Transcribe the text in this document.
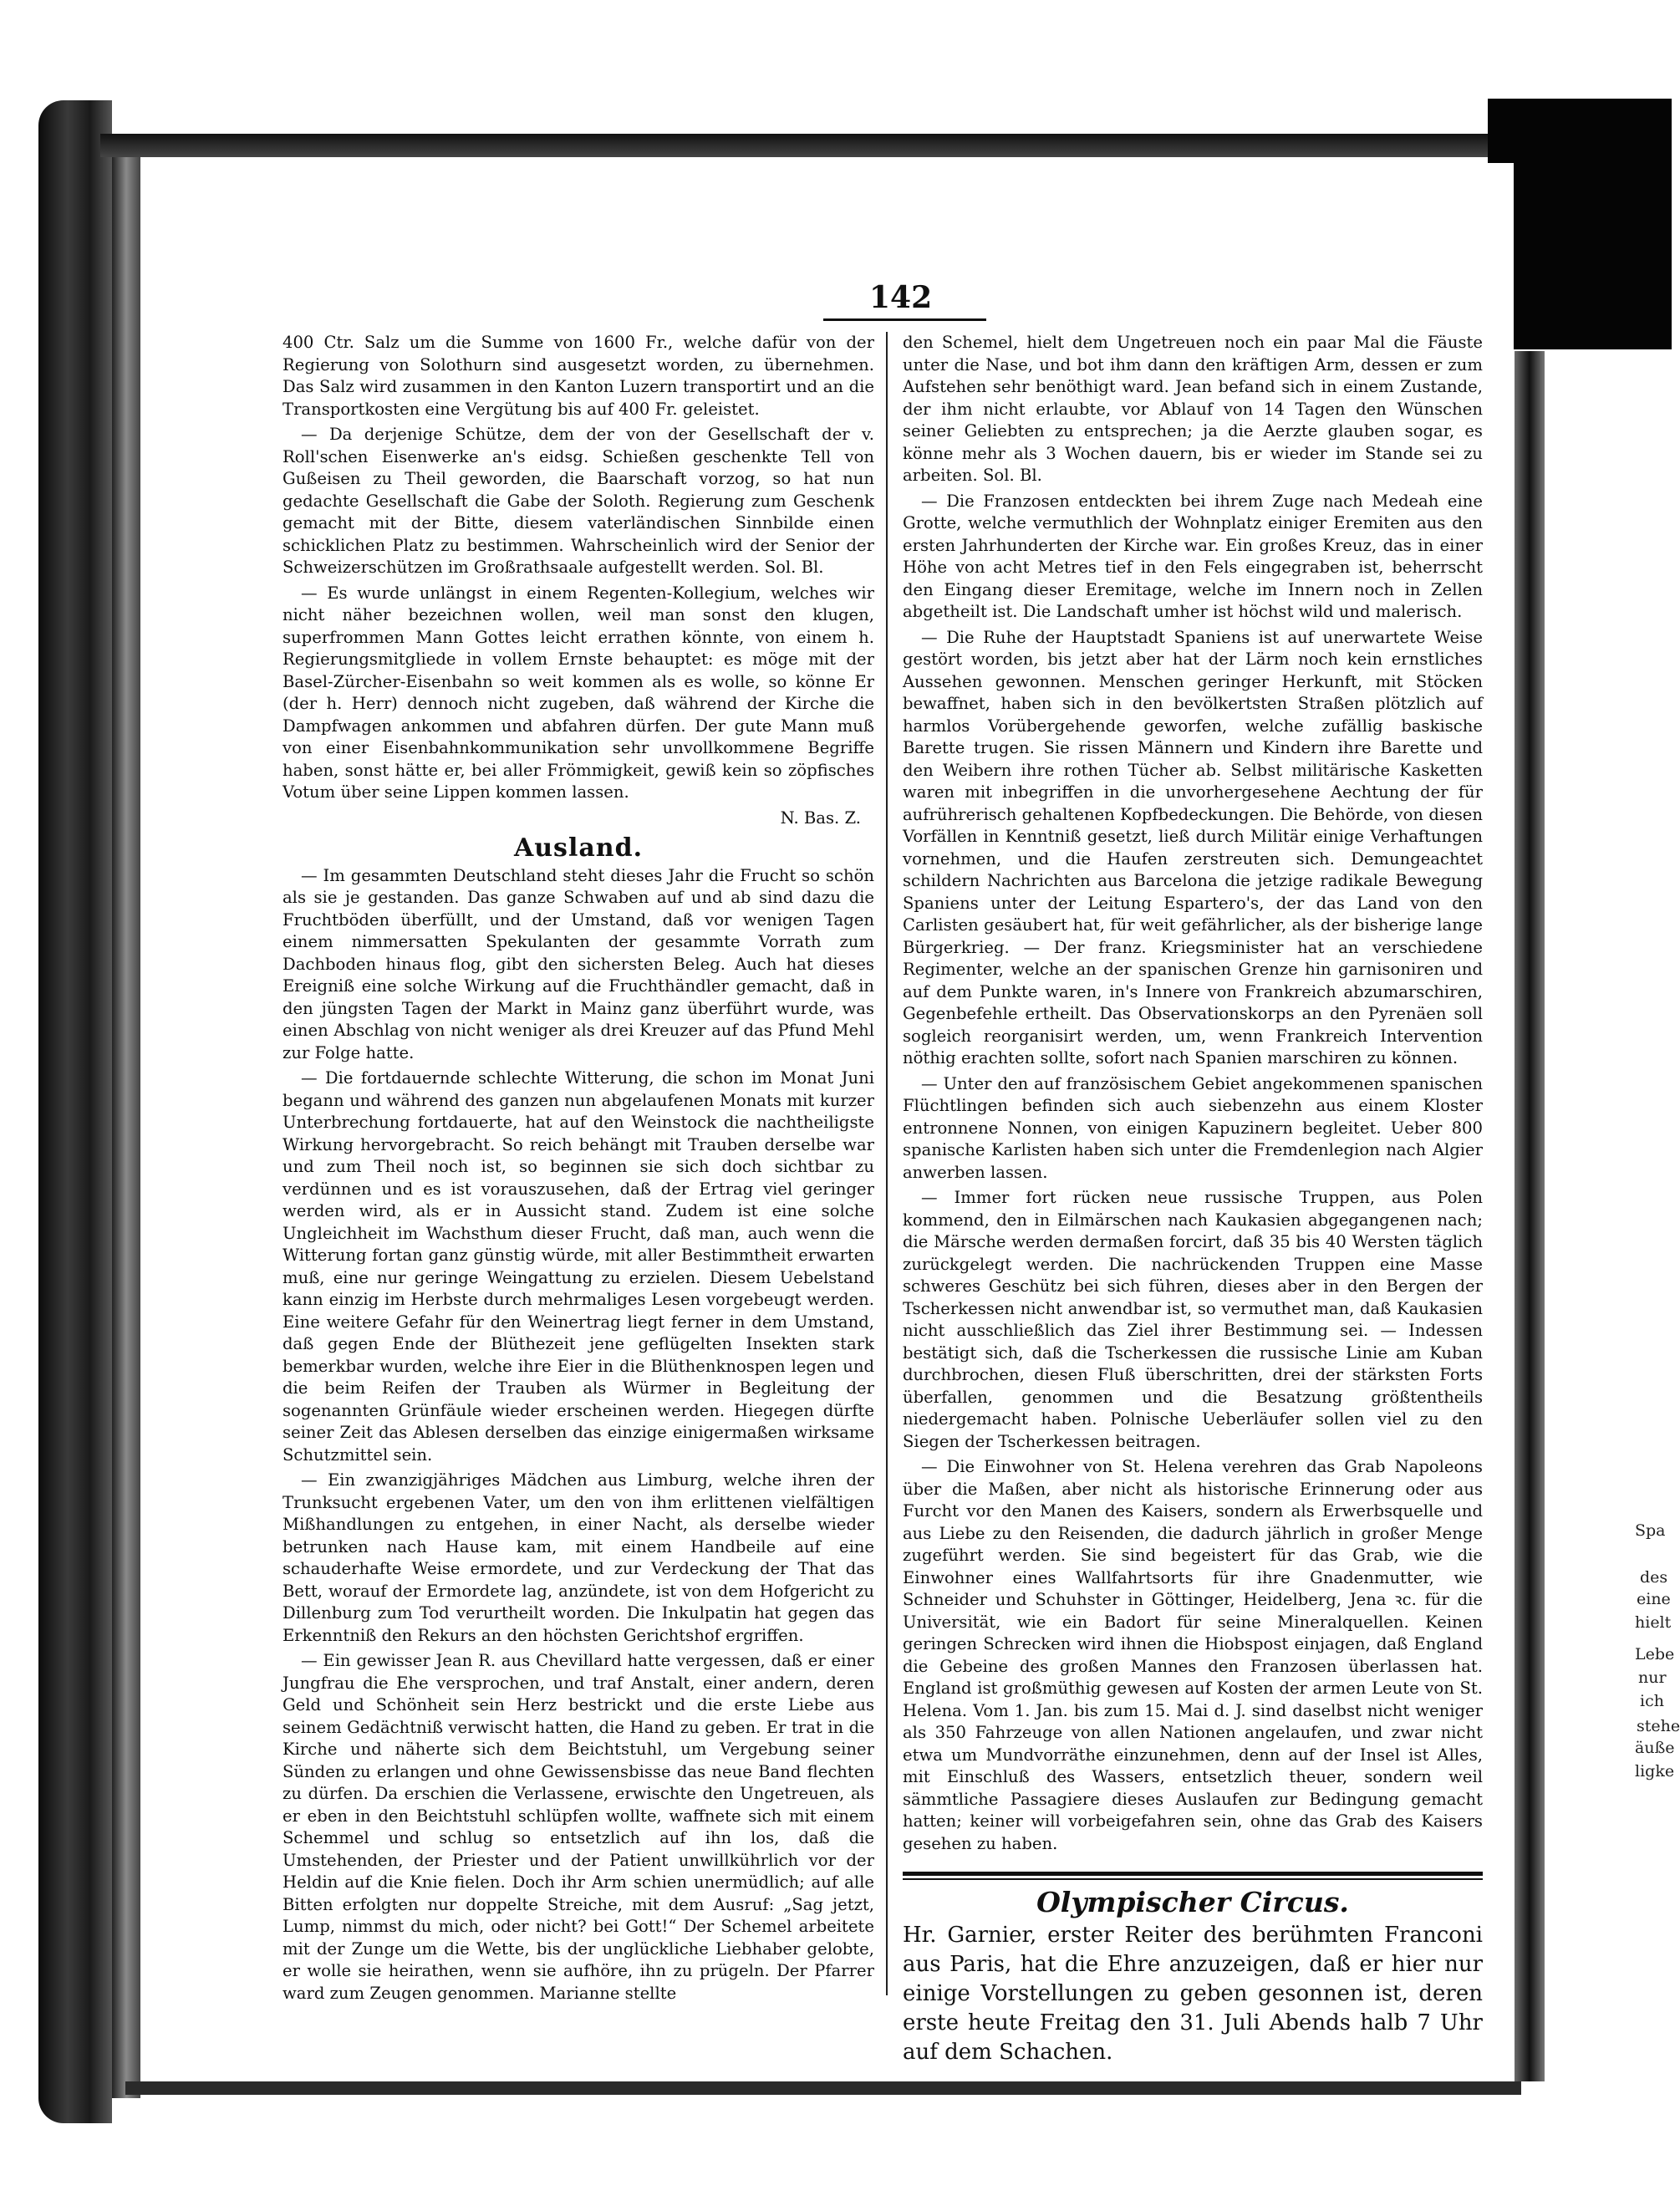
142

400 Ctr. Salz um die Summe von 1600 Fr., welche dafür von der Regierung von Solothurn sind ausgesetzt worden, zu übernehmen. Das Salz wird zusammen in den Kanton Luzern transportirt und an die Transportkosten eine Vergütung bis auf 400 Fr. geleistet.

— Da derjenige Schütze, dem der von der Gesellschaft der v. Roll'schen Eisenwerke an's eidsg. Schießen geschenkte Tell von Gußeisen zu Theil geworden, die Baarschaft vorzog, so hat nun gedachte Gesellschaft die Gabe der Soloth. Regierung zum Geschenk gemacht mit der Bitte, diesem vaterländischen Sinnbilde einen schicklichen Platz zu bestimmen. Wahrscheinlich wird der Senior der Schweizerschützen im Großrathsaale aufgestellt werden. Sol. Bl.

— Es wurde unlängst in einem Regenten-Kollegium, welches wir nicht näher bezeichnen wollen, weil man sonst den klugen, superfrommen Mann Gottes leicht errathen könnte, von einem h. Regierungsmitgliede in vollem Ernste behauptet: es möge mit der Basel-Zürcher-Eisenbahn so weit kommen als es wolle, so könne Er (der h. Herr) dennoch nicht zugeben, daß während der Kirche die Dampfwagen ankommen und abfahren dürfen. Der gute Mann muß von einer Eisenbahnkommunikation sehr unvollkommene Begriffe haben, sonst hätte er, bei aller Frömmigkeit, gewiß kein so zöpfisches Votum über seine Lippen kommen lassen.

N. Bas. Z.
Ausland.

— Im gesammten Deutschland steht dieses Jahr die Frucht so schön als sie je gestanden. Das ganze Schwaben auf und ab sind dazu die Fruchtböden überfüllt, und der Umstand, daß vor wenigen Tagen einem nimmersatten Spekulanten der gesammte Vorrath zum Dachboden hinaus flog, gibt den sichersten Beleg. Auch hat dieses Ereigniß eine solche Wirkung auf die Fruchthändler gemacht, daß in den jüngsten Tagen der Markt in Mainz ganz überführt wurde, was einen Abschlag von nicht weniger als drei Kreuzer auf das Pfund Mehl zur Folge hatte.

— Die fortdauernde schlechte Witterung, die schon im Monat Juni begann und während des ganzen nun abgelaufenen Monats mit kurzer Unterbrechung fortdauerte, hat auf den Weinstock die nachtheiligste Wirkung hervorgebracht. So reich behängt mit Trauben derselbe war und zum Theil noch ist, so beginnen sie sich doch sichtbar zu verdünnen und es ist vorauszusehen, daß der Ertrag viel geringer werden wird, als er in Aussicht stand. Zudem ist eine solche Ungleichheit im Wachsthum dieser Frucht, daß man, auch wenn die Witterung fortan ganz günstig würde, mit aller Bestimmtheit erwarten muß, eine nur geringe Weingattung zu erzielen. Diesem Uebelstand kann einzig im Herbste durch mehrmaliges Lesen vorgebeugt werden. Eine weitere Gefahr für den Weinertrag liegt ferner in dem Umstand, daß gegen Ende der Blüthezeit jene geflügelten Insekten stark bemerkbar wurden, welche ihre Eier in die Blüthenknospen legen und die beim Reifen der Trauben als Würmer in Begleitung der sogenannten Grünfäule wieder erscheinen werden. Hiegegen dürfte seiner Zeit das Ablesen derselben das einzige einigermaßen wirksame Schutzmittel sein.

— Ein zwanzigjähriges Mädchen aus Limburg, welche ihren der Trunksucht ergebenen Vater, um den von ihm erlittenen vielfältigen Mißhandlungen zu entgehen, in einer Nacht, als derselbe wieder betrunken nach Hause kam, mit einem Handbeile auf eine schauderhafte Weise ermordete, und zur Verdeckung der That das Bett, worauf der Ermordete lag, anzündete, ist von dem Hofgericht zu Dillenburg zum Tod verurtheilt worden. Die Inkulpatin hat gegen das Erkenntniß den Rekurs an den höchsten Gerichtshof ergriffen.

— Ein gewisser Jean R. aus Chevillard hatte vergessen, daß er einer Jungfrau die Ehe versprochen, und traf Anstalt, einer andern, deren Geld und Schönheit sein Herz bestrickt und die erste Liebe aus seinem Gedächtniß verwischt hatten, die Hand zu geben. Er trat in die Kirche und näherte sich dem Beichtstuhl, um Vergebung seiner Sünden zu erlangen und ohne Gewissensbisse das neue Band flechten zu dürfen. Da erschien die Verlassene, erwischte den Ungetreuen, als er eben in den Beichtstuhl schlüpfen wollte, waffnete sich mit einem Schemmel und schlug so entsetzlich auf ihn los, daß die Umstehenden, der Priester und der Patient unwillkührlich vor der Heldin auf die Knie fielen. Doch ihr Arm schien unermüdlich; auf alle Bitten erfolgten nur doppelte Streiche, mit dem Ausruf: „Sag jetzt, Lump, nimmst du mich, oder nicht? bei Gott!“ Der Schemel arbeitete mit der Zunge um die Wette, bis der unglückliche Liebhaber gelobte, er wolle sie heirathen, wenn sie aufhöre, ihn zu prügeln. Der Pfarrer ward zum Zeugen genommen. Marianne stellte

den Schemel, hielt dem Ungetreuen noch ein paar Mal die Fäuste unter die Nase, und bot ihm dann den kräftigen Arm, dessen er zum Aufstehen sehr benöthigt ward. Jean befand sich in einem Zustande, der ihm nicht erlaubte, vor Ablauf von 14 Tagen den Wünschen seiner Geliebten zu entsprechen; ja die Aerzte glauben sogar, es könne mehr als 3 Wochen dauern, bis er wieder im Stande sei zu arbeiten. Sol. Bl.

— Die Franzosen entdeckten bei ihrem Zuge nach Medeah eine Grotte, welche vermuthlich der Wohnplatz einiger Eremiten aus den ersten Jahrhunderten der Kirche war. Ein großes Kreuz, das in einer Höhe von acht Metres tief in den Fels eingegraben ist, beherrscht den Eingang dieser Eremitage, welche im Innern noch in Zellen abgetheilt ist. Die Landschaft umher ist höchst wild und malerisch.

— Die Ruhe der Hauptstadt Spaniens ist auf unerwartete Weise gestört worden, bis jetzt aber hat der Lärm noch kein ernstliches Aussehen gewonnen. Menschen geringer Herkunft, mit Stöcken bewaffnet, haben sich in den bevölkertsten Straßen plötzlich auf harmlos Vorübergehende geworfen, welche zufällig baskische Barette trugen. Sie rissen Männern und Kindern ihre Barette und den Weibern ihre rothen Tücher ab. Selbst militärische Kasketten waren mit inbegriffen in die unvorhergesehene Aechtung der für aufrührerisch gehaltenen Kopfbedeckungen. Die Behörde, von diesen Vorfällen in Kenntniß gesetzt, ließ durch Militär einige Verhaftungen vornehmen, und die Haufen zerstreuten sich. Demungeachtet schildern Nachrichten aus Barcelona die jetzige radikale Bewegung Spaniens unter der Leitung Espartero's, der das Land von den Carlisten gesäubert hat, für weit gefährlicher, als der bisherige lange Bürgerkrieg. — Der franz. Kriegsminister hat an verschiedene Regimenter, welche an der spanischen Grenze hin garnisoniren und auf dem Punkte waren, in's Innere von Frankreich abzumarschiren, Gegenbefehle ertheilt. Das Observationskorps an den Pyrenäen soll sogleich reorganisirt werden, um, wenn Frankreich Intervention nöthig erachten sollte, sofort nach Spanien marschiren zu können.

— Unter den auf französischem Gebiet angekommenen spanischen Flüchtlingen befinden sich auch siebenzehn aus einem Kloster entronnene Nonnen, von einigen Kapuzinern begleitet. Ueber 800 spanische Karlisten haben sich unter die Fremdenlegion nach Algier anwerben lassen.

— Immer fort rücken neue russische Truppen, aus Polen kommend, den in Eilmärschen nach Kaukasien abgegangenen nach; die Märsche werden dermaßen forcirt, daß 35 bis 40 Wersten täglich zurückgelegt werden. Die nachrückenden Truppen eine Masse schweres Geschütz bei sich führen, dieses aber in den Bergen der Tscherkessen nicht anwendbar ist, so vermuthet man, daß Kaukasien nicht ausschließlich das Ziel ihrer Bestimmung sei. — Indessen bestätigt sich, daß die Tscherkessen die russische Linie am Kuban durchbrochen, diesen Fluß überschritten, drei der stärksten Forts überfallen, genommen und die Besatzung größtentheils niedergemacht haben. Polnische Ueberläufer sollen viel zu den Siegen der Tscherkessen beitragen.

— Die Einwohner von St. Helena verehren das Grab Napoleons über die Maßen, aber nicht als historische Erinnerung oder aus Furcht vor den Manen des Kaisers, sondern als Erwerbsquelle und aus Liebe zu den Reisenden, die dadurch jährlich in großer Menge zugeführt werden. Sie sind begeistert für das Grab, wie die Einwohner eines Wallfahrtsorts für ihre Gnadenmutter, wie Schneider und Schuhster in Göttinger, Heidelberg, Jena ꝛc. für die Universität, wie ein Badort für seine Mineralquellen. Keinen geringen Schrecken wird ihnen die Hiobspost einjagen, daß England die Gebeine des großen Mannes den Franzosen überlassen hat. England ist großmüthig gewesen auf Kosten der armen Leute von St. Helena. Vom 1. Jan. bis zum 15. Mai d. J. sind daselbst nicht weniger als 350 Fahrzeuge von allen Nationen angelaufen, und zwar nicht etwa um Mundvorräthe einzunehmen, denn auf der Insel ist Alles, mit Einschluß des Wassers, entsetzlich theuer, sondern weil sämmtliche Passagiere dieses Auslaufen zur Bedingung gemacht hatten; keiner will vorbeigefahren sein, ohne das Grab des Kaisers gesehen zu haben.

Olympischer Circus.
Hr. Garnier, erster Reiter des berühmten Franconi aus Paris, hat die Ehre anzuzeigen, daß er hier nur einige Vorstellungen zu geben gesonnen ist, deren erste heute Freitag den 31. Juli Abends halb 7 Uhr auf dem Schachen.
Spa
des
eine
hielt
Lebe
nur
ich
stehe
äuße
ligke
